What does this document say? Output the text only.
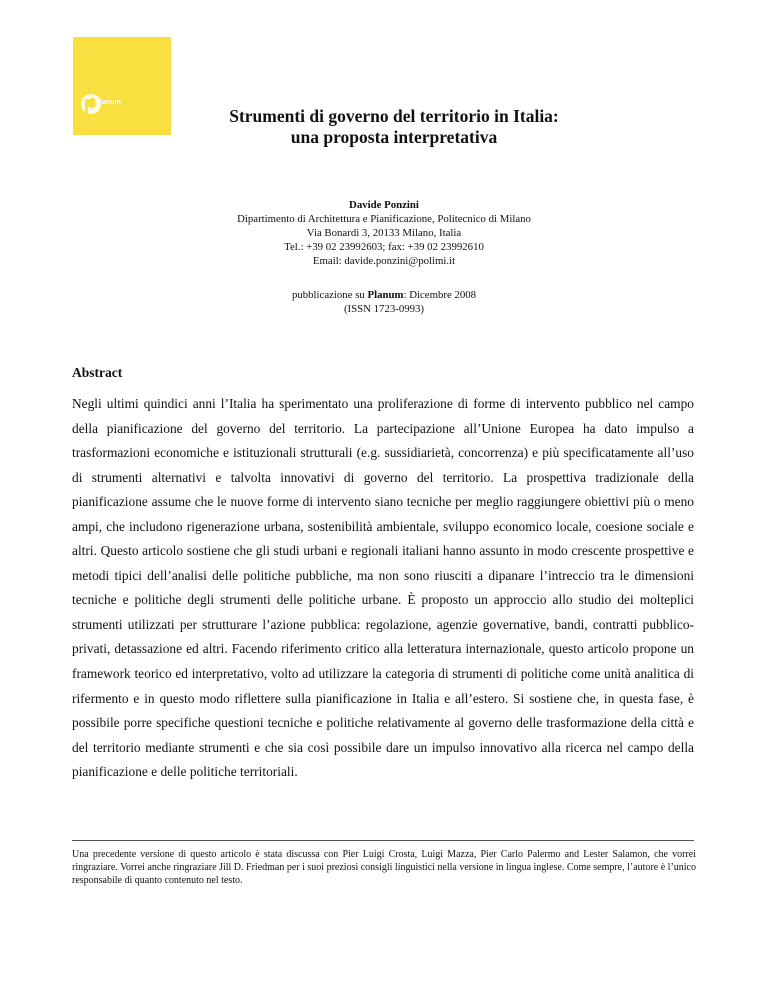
planum
Strumenti di governo del territorio in Italia:
una proposta interpretativa
Davide Ponzini
Dipartimento di Architettura e Pianificazione, Politecnico di Milano
Via Bonardi 3, 20133 Milano, Italia
Tel.: +39 02 23992603; fax: +39 02 23992610
Email: davide.ponzini@polimi.it
pubblicazione su Planum: Dicembre 2008
(ISSN 1723-0993)
Abstract
Negli ultimi quindici anni l’Italia ha sperimentato una proliferazione di forme di intervento pubblico nel campo della pianificazione del governo del territorio. La partecipazione all’Unione Europea ha dato impulso a trasformazioni economiche e istituzionali strutturali (e.g. sussidiarietà, concorrenza) e più specificatamente all’uso di strumenti alternativi e talvolta innovativi di governo del territorio. La prospettiva tradizionale della pianificazione assume che le nuove forme di intervento siano tecniche per meglio raggiungere obiettivi più o meno ampi, che includono rigenerazione urbana, sostenibilità ambientale, sviluppo economico locale, coesione sociale e altri. Questo articolo sostiene che gli studi urbani e regionali italiani hanno assunto in modo crescente prospettive e metodi tipici dell’analisi delle politiche pubbliche, ma non sono riusciti a dipanare l’intreccio tra le dimensioni tecniche e politiche degli strumenti delle politiche urbane. È proposto un approccio allo studio dei molteplici strumenti utilizzati per strutturare l’azione pubblica: regolazione, agenzie governative, bandi, contratti pubblico-privati, detassazione ed altri. Facendo riferimento critico alla letteratura internazionale, questo articolo propone un framework teorico ed interpretativo, volto ad utilizzare la categoria di strumenti di politiche come unità analitica di rifermento e in questo modo riflettere sulla pianificazione in Italia e all’estero. Si sostiene che, in questa fase, è possibile porre specifiche questioni tecniche e politiche relativamente al governo delle trasformazione della città e del territorio mediante strumenti e che sia così possibile dare un impulso innovativo alla ricerca nel campo della pianificazione e delle politiche territoriali.
Una precedente versione di questo articolo è stata discussa con Pier Luigi Crosta, Luigi Mazza, Pier Carlo Palermo and Lester Salamon, che vorrei ringraziare. Vorrei anche ringraziare Jill D. Friedman per i suoi preziosi consigli linguistici nella versione in lingua inglese. Come sempre, l’autore è l’unico responsabile di quanto contenuto nel testo.
